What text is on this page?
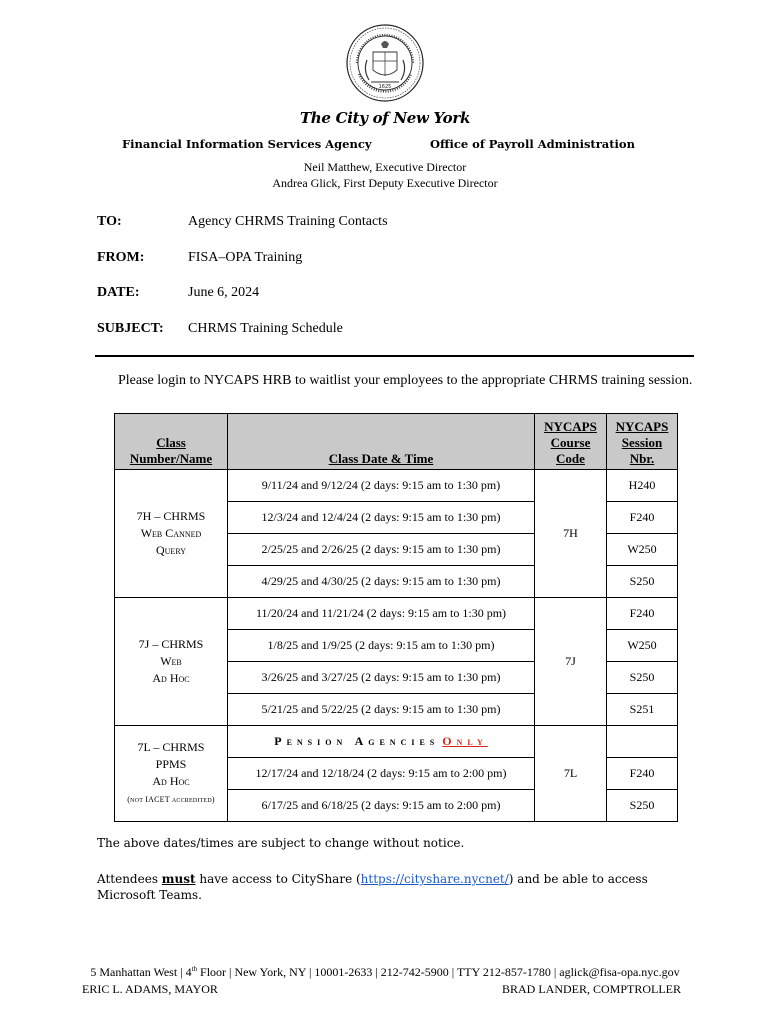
1625
The City of New York
Financial Information Services Agency	Office of Payroll Administration
Neil Matthew, Executive Director
Andrea Glick, First Deputy Executive Director
TO:	Agency CHRMS Training Contacts
FROM:	FISA–OPA Training
DATE:	June 6, 2024
SUBJECT: CHRMS Training Schedule
Please login to NYCAPS HRB to waitlist your employees to the appropriate CHRMS training session.
Class
Number/Name	Class Date & Time	NYCAPS
Course
Code	NYCAPS
Session
Nbr.
7H – CHRMS
Web Canned
Query	9/11/24 and 9/12/24 (2 days: 9:15 am to 1:30 pm)	7H	H240
	12/3/24 and 12/4/24 (2 days: 9:15 am to 1:30 pm)		F240
	2/25/25 and 2/26/25 (2 days: 9:15 am to 1:30 pm)		W250
	4/29/25 and 4/30/25 (2 days: 9:15 am to 1:30 pm)		S250
7J – CHRMS
Web
Ad Hoc	11/20/24 and 11/21/24 (2 days: 9:15 am to 1:30 pm)	7J	F240
	1/8/25 and 1/9/25 (2 days: 9:15 am to 1:30 pm)		W250
	3/26/25 and 3/27/25 (2 days: 9:15 am to 1:30 pm)		S250
	5/21/25 and 5/22/25 (2 days: 9:15 am to 1:30 pm)		S251
7L – CHRMS
PPMS
Ad Hoc
(not IACET accredited)	Pension Agencies Only	7L	
	12/17/24 and 12/18/24 (2 days: 9:15 am to 2:00 pm)		F240
	6/17/25 and 6/18/25 (2 days: 9:15 am to 2:00 pm)		S250
The above dates/times are subject to change without notice.
Attendees must have access to CityShare (https://cityshare.nycnet/) and be able to access Microsoft Teams.
5 Manhattan West | 4th Floor | New York, NY | 10001-2633 | 212-742-5900 | TTY 212-857-1780 | aglick@fisa-opa.nyc.gov
ERIC L. ADAMS, MAYOR	BRAD LANDER, COMPTROLLER
